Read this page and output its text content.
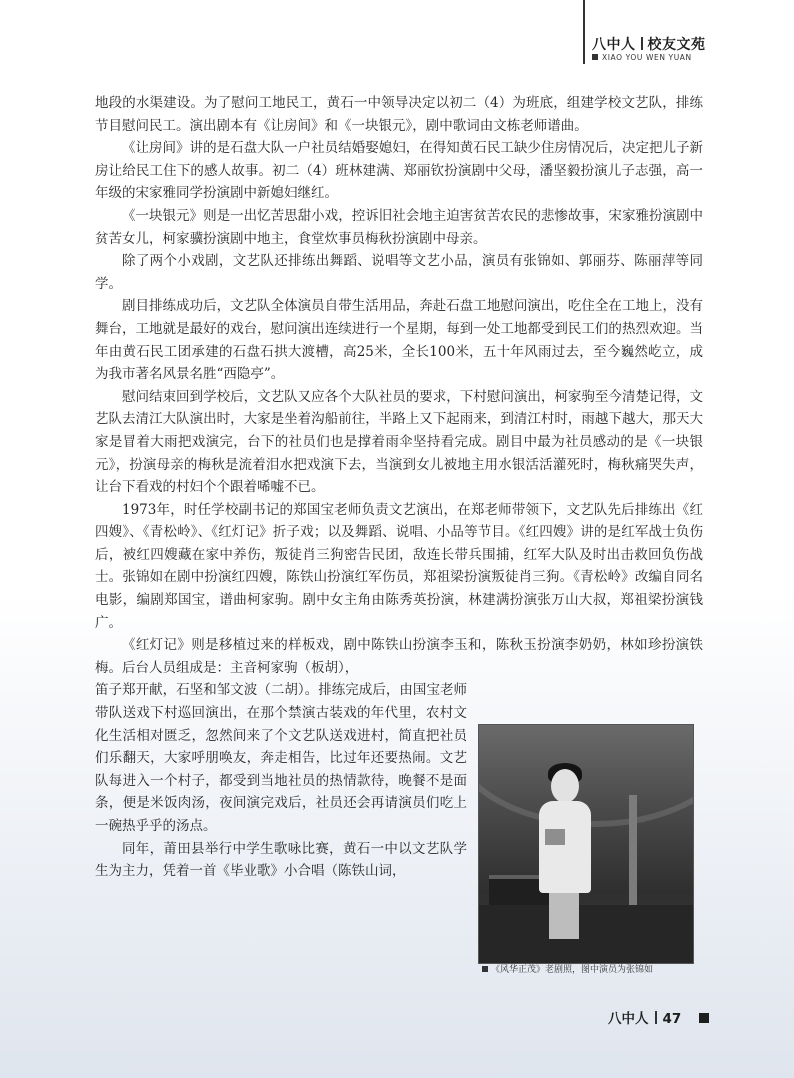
八中人 校友文苑
XIAO YOU WEN YUAN

地段的水渠建设。为了慰问工地民工，黄石一中领导决定以初二（4）为班底，组建学校文艺队，排练节目慰问民工。演出剧本有《让房间》和《一块银元》，剧中歌词由文栋老师谱曲。

《让房间》讲的是石盘大队一户社员结婚娶媳妇，在得知黄石民工缺少住房情况后，决定把儿子新房让给民工住下的感人故事。初二（4）班林建满、郑丽钦扮演剧中父母，潘坚毅扮演儿子志强，高一年级的宋家雅同学扮演剧中新媳妇继红。

《一块银元》则是一出忆苦思甜小戏，控诉旧社会地主迫害贫苦农民的悲惨故事，宋家雅扮演剧中贫苦女儿，柯家骥扮演剧中地主，食堂炊事员梅秋扮演剧中母亲。

除了两个小戏剧，文艺队还排练出舞蹈、说唱等文艺小品，演员有张锦如、郭丽芬、陈丽萍等同学。

剧目排练成功后，文艺队全体演员自带生活用品，奔赴石盘工地慰问演出，吃住全在工地上，没有舞台，工地就是最好的戏台，慰问演出连续进行一个星期，每到一处工地都受到民工们的热烈欢迎。当年由黄石民工团承建的石盘石拱大渡槽，高25米，全长100米，五十年风雨过去，至今巍然屹立，成为我市著名风景名胜“西隐亭”。

慰问结束回到学校后，文艺队又应各个大队社员的要求，下村慰问演出，柯家驹至今清楚记得，文艺队去清江大队演出时，大家是坐着沟船前往，半路上又下起雨来，到清江村时，雨越下越大，那天大家是冒着大雨把戏演完，台下的社员们也是撑着雨伞坚持看完成。剧目中最为社员感动的是《一块银元》，扮演母亲的梅秋是流着泪水把戏演下去，当演到女儿被地主用水银活活灌死时，梅秋痛哭失声，让台下看戏的村妇个个跟着唏嘘不已。

1973年，时任学校副书记的郑国宝老师负责文艺演出，在郑老师带领下，文艺队先后排练出《红四嫂》、《青松岭》、《红灯记》折子戏；以及舞蹈、说唱、小品等节目。《红四嫂》讲的是红军战士负伤后，被红四嫂藏在家中养伤，叛徒肖三狗密告民团，敌连长带兵围捕，红军大队及时出击救回负伤战士。张锦如在剧中扮演红四嫂，陈铁山扮演红军伤员，郑祖梁扮演叛徒肖三狗。《青松岭》改编自同名电影，编剧郑国宝，谱曲柯家驹。剧中女主角由陈秀英扮演，林建满扮演张万山大叔，郑祖梁扮演钱广。

《红灯记》则是移植过来的样板戏，剧中陈铁山扮演李玉和，陈秋玉扮演李奶奶，林如珍扮演铁梅。后台人员组成是：主音柯家驹（板胡），

笛子郑开献，石坚和邹文波（二胡）。排练完成后，由国宝老师带队送戏下村巡回演出，在那个禁演古装戏的年代里，农村文化生活相对匮乏，忽然间来了个文艺队送戏进村，简直把社员们乐翻天，大家呼朋唤友，奔走相告，比过年还要热闹。文艺队每进入一个村子，都受到当地社员的热情款待，晚餐不是面条，便是米饭肉汤，夜间演完戏后，社员还会再请演员们吃上一碗热乎乎的汤点。

同年，莆田县举行中学生歌咏比赛，黄石一中以文艺队学生为主力，凭着一首《毕业歌》小合唱（陈铁山词，

《风华正茂》老剧照，图中演员为张锦如
八中人 47
